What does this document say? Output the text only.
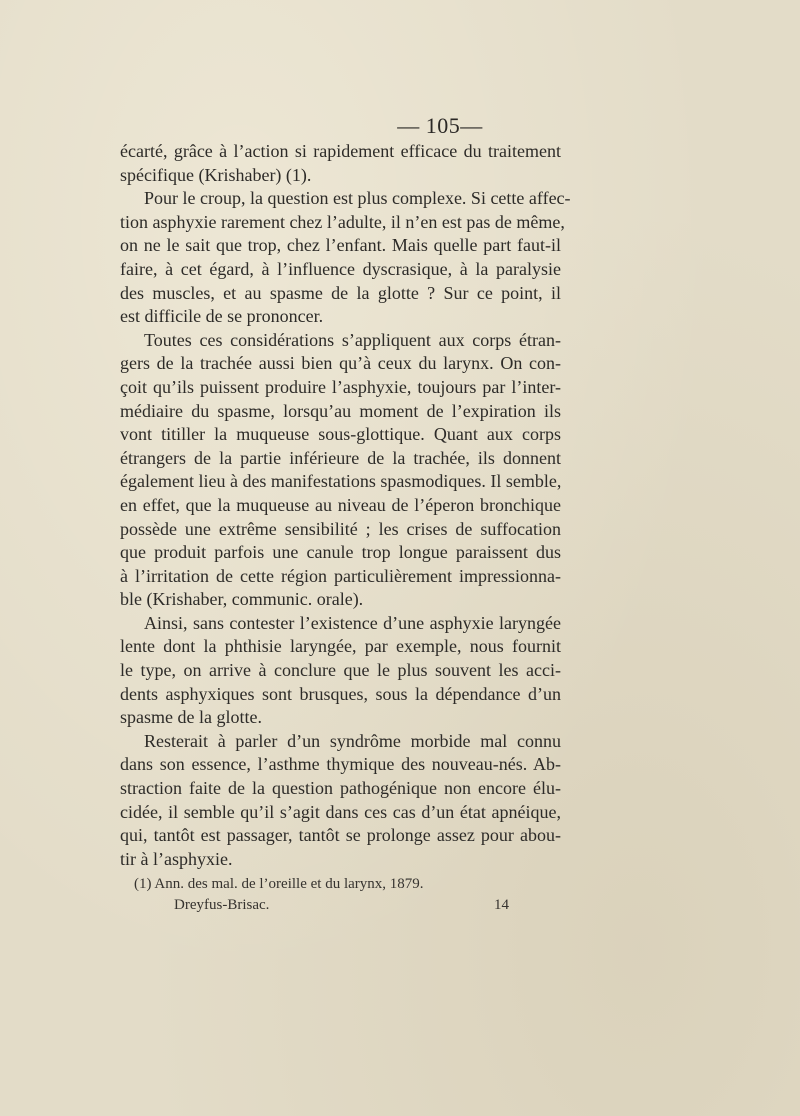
— 105—
écarté, grâce à l’action si rapidement efficace du traitement
spécifique (Krishaber) (1).
Pour le croup, la question est plus complexe. Si cette affec-
tion asphyxie rarement chez l’adulte, il n’en est pas de même,
on ne le sait que trop, chez l’enfant. Mais quelle part faut-il
faire, à cet égard, à l’influence dyscrasique, à la paralysie
des muscles, et au spasme de la glotte ? Sur ce point, il
est difficile de se prononcer.
Toutes ces considérations s’appliquent aux corps étran-
gers de la trachée aussi bien qu’à ceux du larynx. On con-
çoit qu’ils puissent produire l’asphyxie, toujours par l’inter-
médiaire du spasme, lorsqu’au moment de l’expiration ils
vont titiller la muqueuse sous-glottique. Quant aux corps
étrangers de la partie inférieure de la trachée, ils donnent
également lieu à des manifestations spasmodiques. Il semble,
en effet, que la muqueuse au niveau de l’éperon bronchique
possède une extrême sensibilité ; les crises de suffocation
que produit parfois une canule trop longue paraissent dus
à l’irritation de cette région particulièrement impressionna-
ble (Krishaber, communic. orale).
Ainsi, sans contester l’existence d’une asphyxie laryngée
lente dont la phthisie laryngée, par exemple, nous fournit
le type, on arrive à conclure que le plus souvent les acci-
dents asphyxiques sont brusques, sous la dépendance d’un
spasme de la glotte.
Resterait à parler d’un syndrôme morbide mal connu
dans son essence, l’asthme thymique des nouveau-nés. Ab-
straction faite de la question pathogénique non encore élu-
cidée, il semble qu’il s’agit dans ces cas d’un état apnéique,
qui, tantôt est passager, tantôt se prolonge assez pour abou-
tir à l’asphyxie.
(1) Ann. des mal. de l’oreille et du larynx, 1879.
Dreyfus-Brisac.	14
